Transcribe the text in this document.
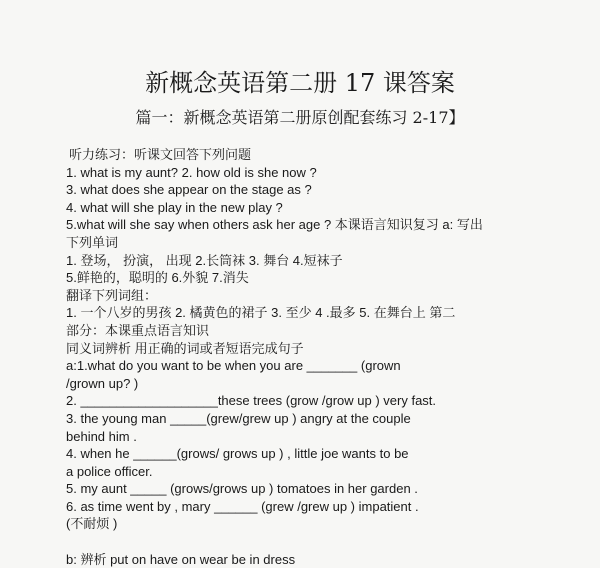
新概念英语第二册 17 课答案
篇一：新概念英语第二册原创配套练习 2-17】
听力练习：听课文回答下列问题
1. what is my aunt? 2. how old is she now ?
3. what does she appear on the stage as ?
4. what will she play in the new play ?
5.what will she say when others ask her age ? 本课语言知识复习 a: 写出
下列单词
1. 登场， 扮演， 出现 2.长筒袜 3. 舞台 4.短袜子
5.鲜艳的，聪明的 6.外貌 7.消失
翻译下列词组：
1. 一个八岁的男孩 2. 橘黄色的裙子 3. 至少 4 .最多 5. 在舞台上 第二
部分：本课重点语言知识
同义词辨析 用正确的词或者短语完成句子
a:1.what do you want to be when you are _______ (grown
/grown up? )
2. ___________________these trees (grow /grow up ) very fast.
3. the young man _____(grew/grew up ) angry at the couple
behind him .
4. when he ______(grows/ grows up ) , little joe wants to be
a police officer.
5. my aunt _____ (grows/grows up ) tomatoes in her garden .
6. as time went by , mary ______ (grew /grew up ) impatient .
(不耐烦 )
b: 辨析 put on have on wear be in dress
